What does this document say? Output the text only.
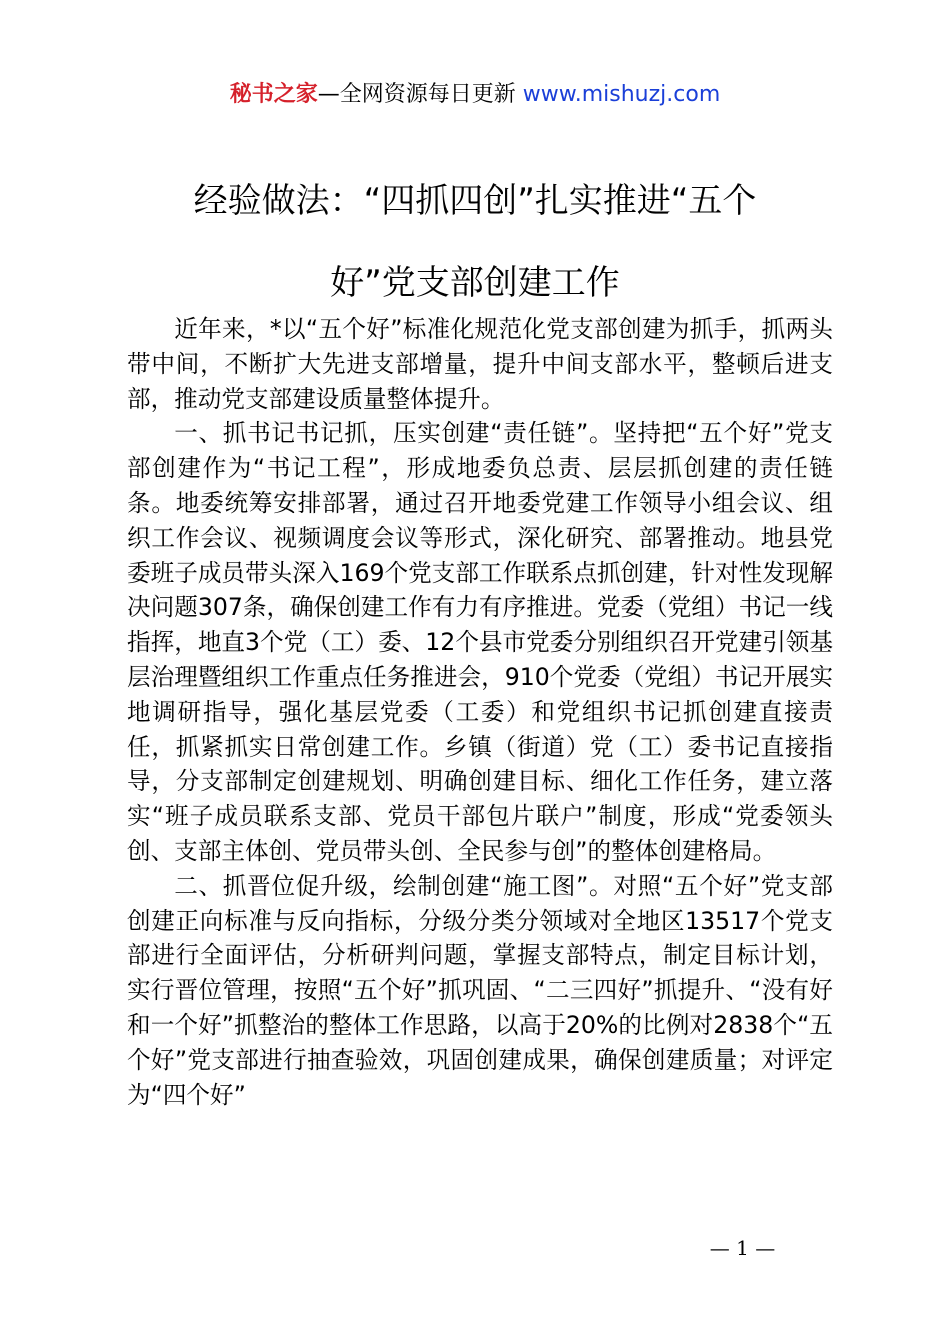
秘书之家—全网资源每日更新 www.mishuzj.com
经验做法：“四抓四创”扎实推进“五个
好”党支部创建工作

近年来，*以“五个好”标准化规范化党支部创建为抓手，抓两头带中间，不断扩大先进支部增量，提升中间支部水平，整顿后进支部，推动党支部建设质量整体提升。

一、抓书记书记抓，压实创建“责任链”。坚持把“五个好”党支部创建作为“书记工程”，形成地委负总责、层层抓创建的责任链条。地委统筹安排部署，通过召开地委党建工作领导小组会议、组织工作会议、视频调度会议等形式，深化研究、部署推动。地县党委班子成员带头深入169个党支部工作联系点抓创建，针对性发现解决问题307条，确保创建工作有力有序推进。党委（党组）书记一线指挥，地直3个党（工）委、12个县市党委分别组织召开党建引领基层治理暨组织工作重点任务推进会，910个党委（党组）书记开展实地调研指导，强化基层党委（工委）和党组织书记抓创建直接责任，抓紧抓实日常创建工作。乡镇（街道）党（工）委书记直接指导，分支部制定创建规划、明确创建目标、细化工作任务，建立落实“班子成员联系支部、党员干部包片联户”制度，形成“党委领头创、支部主体创、党员带头创、全民参与创”的整体创建格局。

二、抓晋位促升级，绘制创建“施工图”。对照“五个好”党支部创建正向标准与反向指标，分级分类分领域对全地区13517个党支部进行全面评估，分析研判问题，掌握支部特点，制定目标计划，实行晋位管理，按照“五个好”抓巩固、“二三四好”抓提升、“没有好和一个好”抓整治的整体工作思路，以高于20%的比例对2838个“五个好”党支部进行抽查验效，巩固创建成果，确保创建质量；对评定为“四个好”

— 1 —
